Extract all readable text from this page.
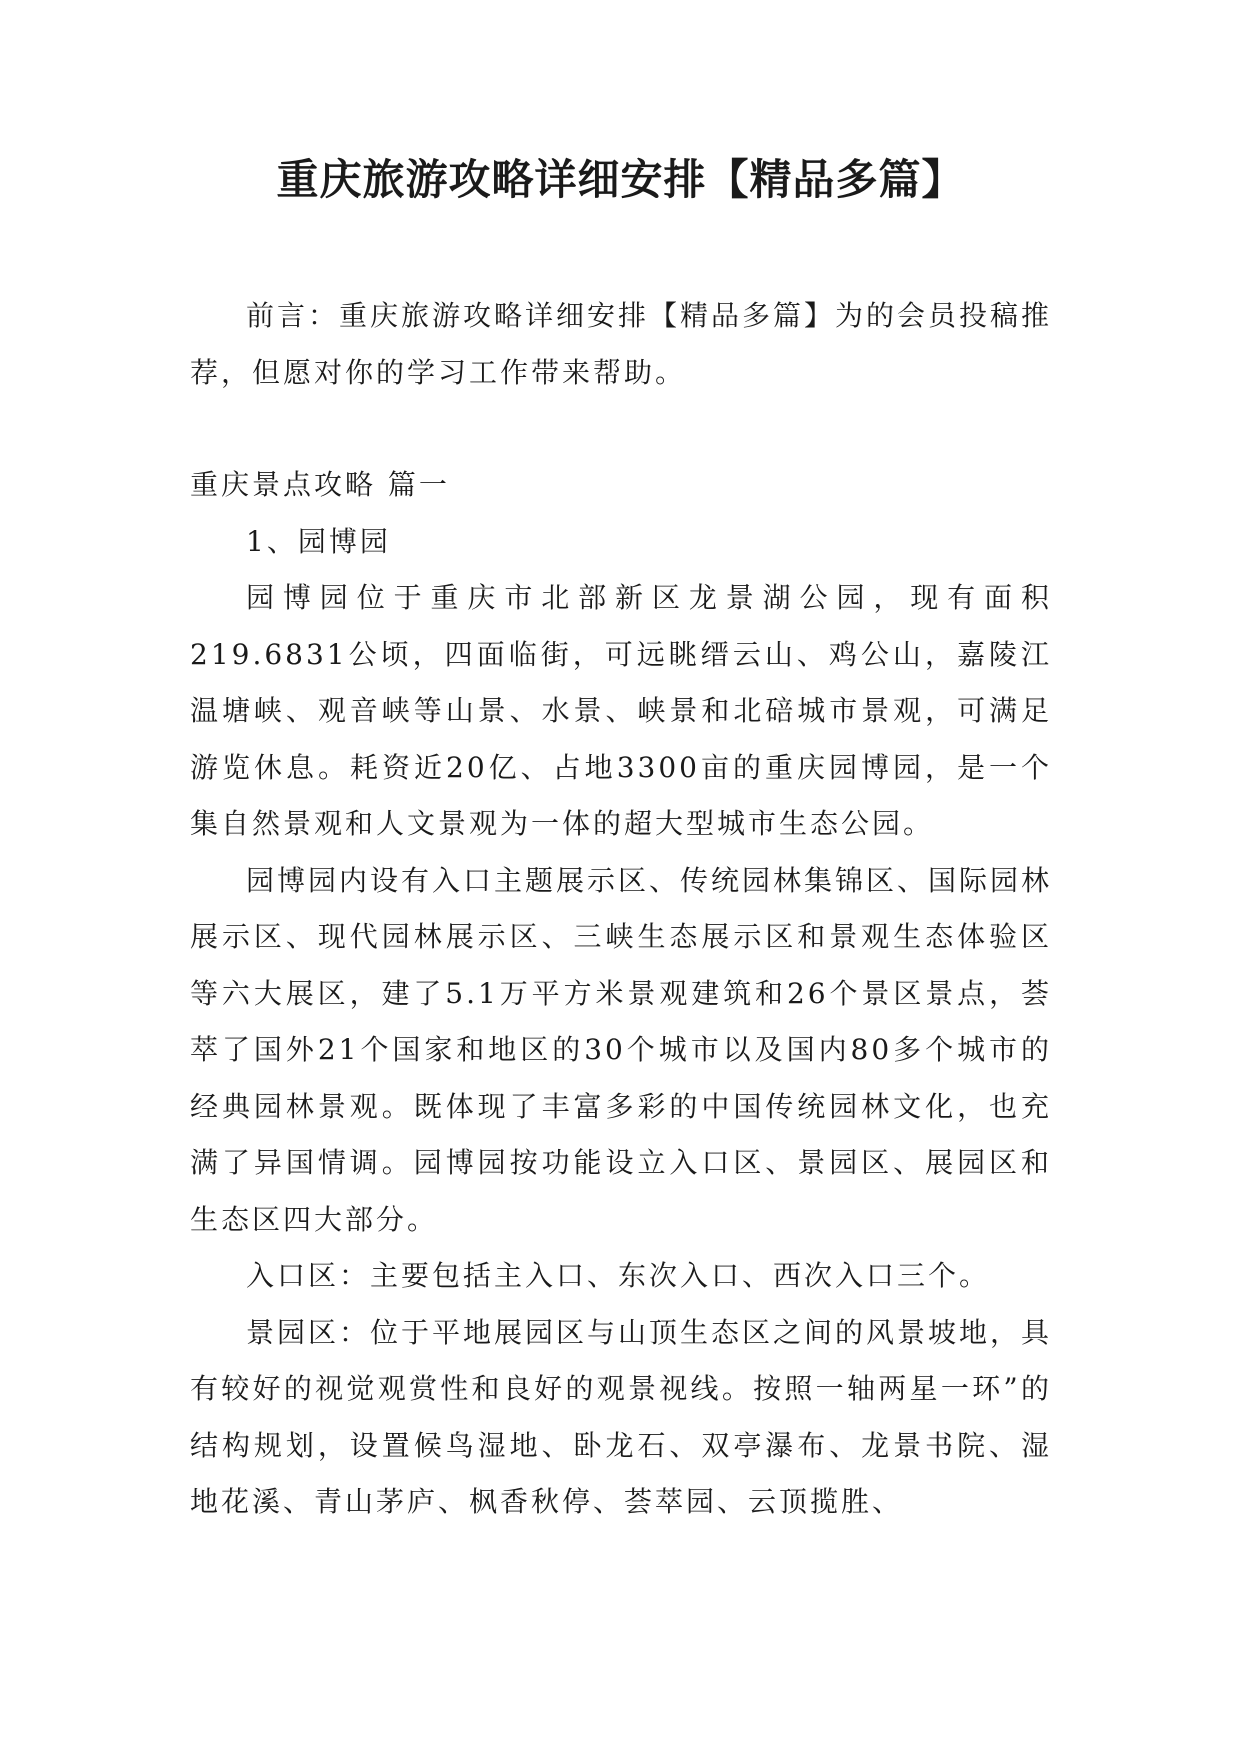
重庆旅游攻略详细安排【精品多篇】

前言：重庆旅游攻略详细安排【精品多篇】为的会员投稿推荐，但愿对你的学习工作带来帮助。

重庆景点攻略 篇一

1、园博园

园博园位于重庆市北部新区龙景湖公园，现有面积219.6831公顷，四面临街，可远眺缙云山、鸡公山，嘉陵江温塘峡、观音峡等山景、水景、峡景和北碚城市景观，可满足游览休息。耗资近20亿、占地3300亩的重庆园博园，是一个集自然景观和人文景观为一体的超大型城市生态公园。

园博园内设有入口主题展示区、传统园林集锦区、国际园林展示区、现代园林展示区、三峡生态展示区和景观生态体验区等六大展区，建了5.1万平方米景观建筑和26个景区景点，荟萃了国外21个国家和地区的30个城市以及国内80多个城市的经典园林景观。既体现了丰富多彩的中国传统园林文化，也充满了异国情调。园博园按功能设立入口区、景园区、展园区和生态区四大部分。

入口区：主要包括主入口、东次入口、西次入口三个。

景园区：位于平地展园区与山顶生态区之间的风景坡地，具有较好的视觉观赏性和良好的观景视线。按照一轴两星一环”的结构规划，设置候鸟湿地、卧龙石、双亭瀑布、龙景书院、湿地花溪、青山茅庐、枫香秋停、荟萃园、云顶揽胜、
